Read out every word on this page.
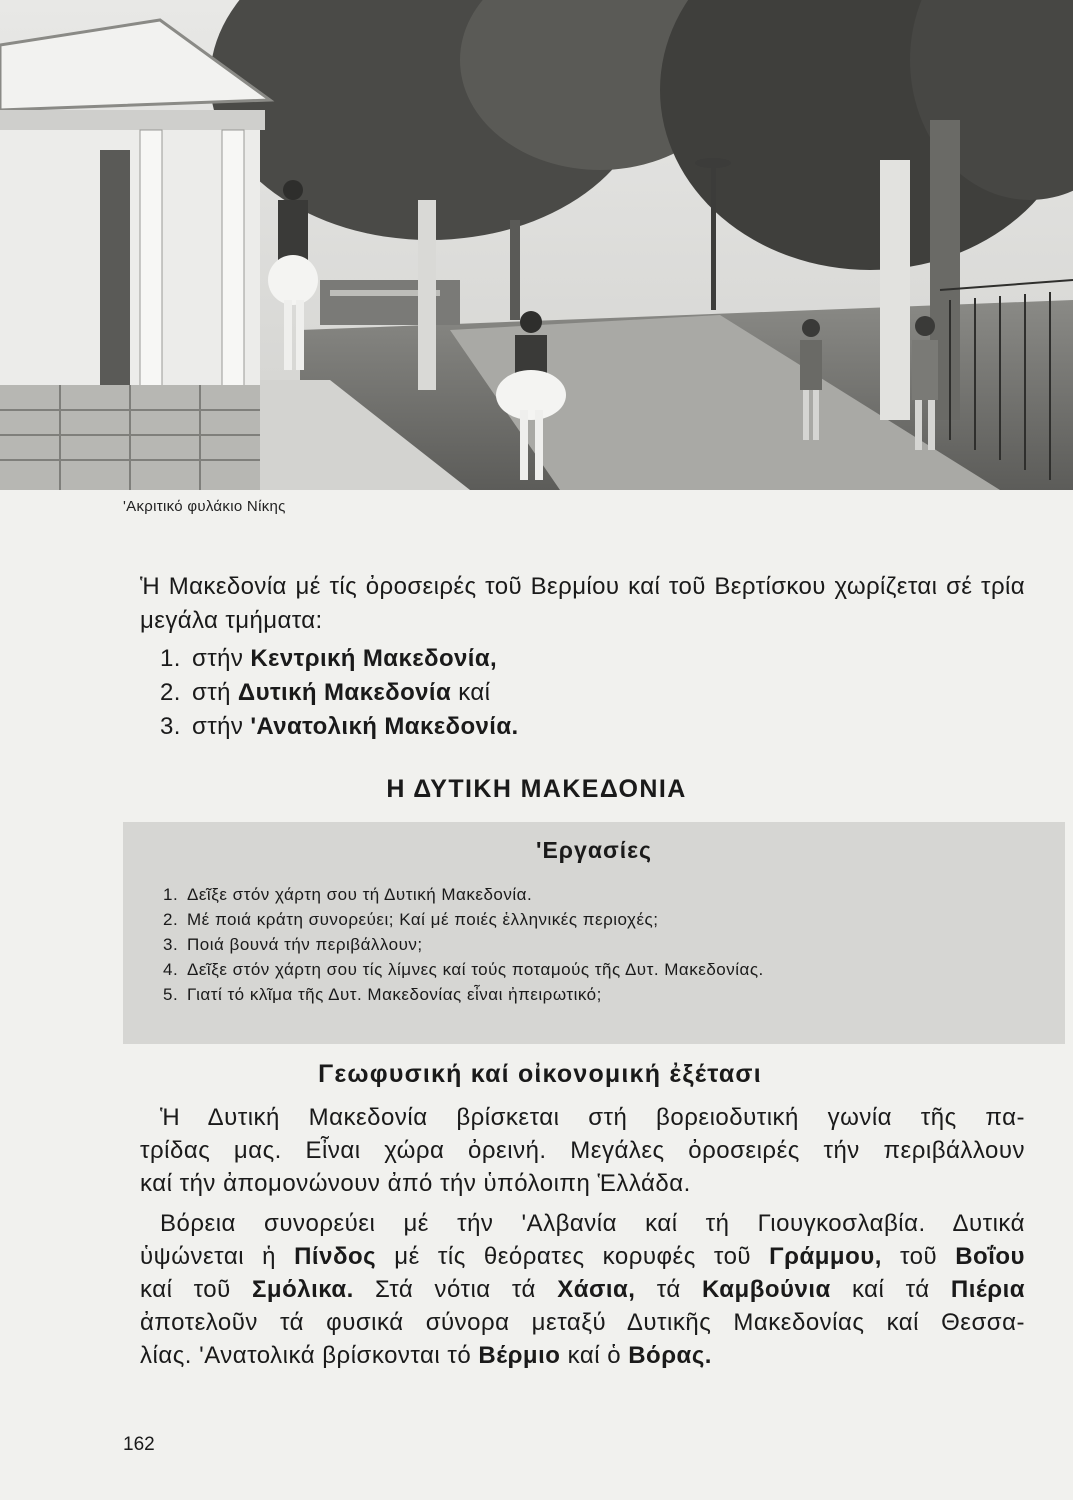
'Ακριτικό φυλάκιο Νίκης
Ἡ Μακεδονία μέ τίς ὀροσειρές τοῦ Βερμίου καί τοῦ Βερτίσκου χωρίζεται σέ τρία μεγάλα τμήματα:
1. στήν Κεντρική Μακεδονία,
2. στή Δυτική Μακεδονία καί
3. στήν 'Ανατολική Μακεδονία.
Η ΔΥΤΙΚΗ ΜΑΚΕΔΟΝΙΑ
'Εργασίες
1. Δεῖξε στόν χάρτη σου τή Δυτική Μακεδονία.
2. Μέ ποιά κράτη συνορεύει; Καί μέ ποιές ἑλληνικές περιοχές;
3. Ποιά βουνά τήν περιβάλλουν;
4. Δεῖξε στόν χάρτη σου τίς λίμνες καί τούς ποταμούς τῆς Δυτ. Μακεδονίας.
5. Γιατί τό κλῖμα τῆς Δυτ. Μακεδονίας εἶναι ἠπειρωτικό;
Γεωφυσική καί οἰκονομική ἐξέτασι
Ἡ Δυτική Μακεδονία βρίσκεται στή βορειοδυτική γωνία τῆς πα-
τρίδας μας. Εἶναι χώρα ὀρεινή. Μεγάλες ὀροσειρές τήν περιβάλλουν
καί τήν ἀπομονώνουν ἀπό τήν ὑπόλοιπη Ἑλλάδα.
Βόρεια συνορεύει μέ τήν 'Αλβανία καί τή Γιουγκοσλαβία. Δυτικά
ὑψώνεται ἡ Πίνδος μέ τίς θεόρατες κορυφές τοῦ Γράμμου, τοῦ Βοΐου
καί τοῦ Σμόλικα. Στά νότια τά Χάσια, τά Καμβούνια καί τά Πιέρια
ἀποτελοῦν τά φυσικά σύνορα μεταξύ Δυτικῆς Μακεδονίας καί Θεσσα-
λίας. 'Ανατολικά βρίσκονται τό Βέρμιο καί ὁ Βόρας.
162
